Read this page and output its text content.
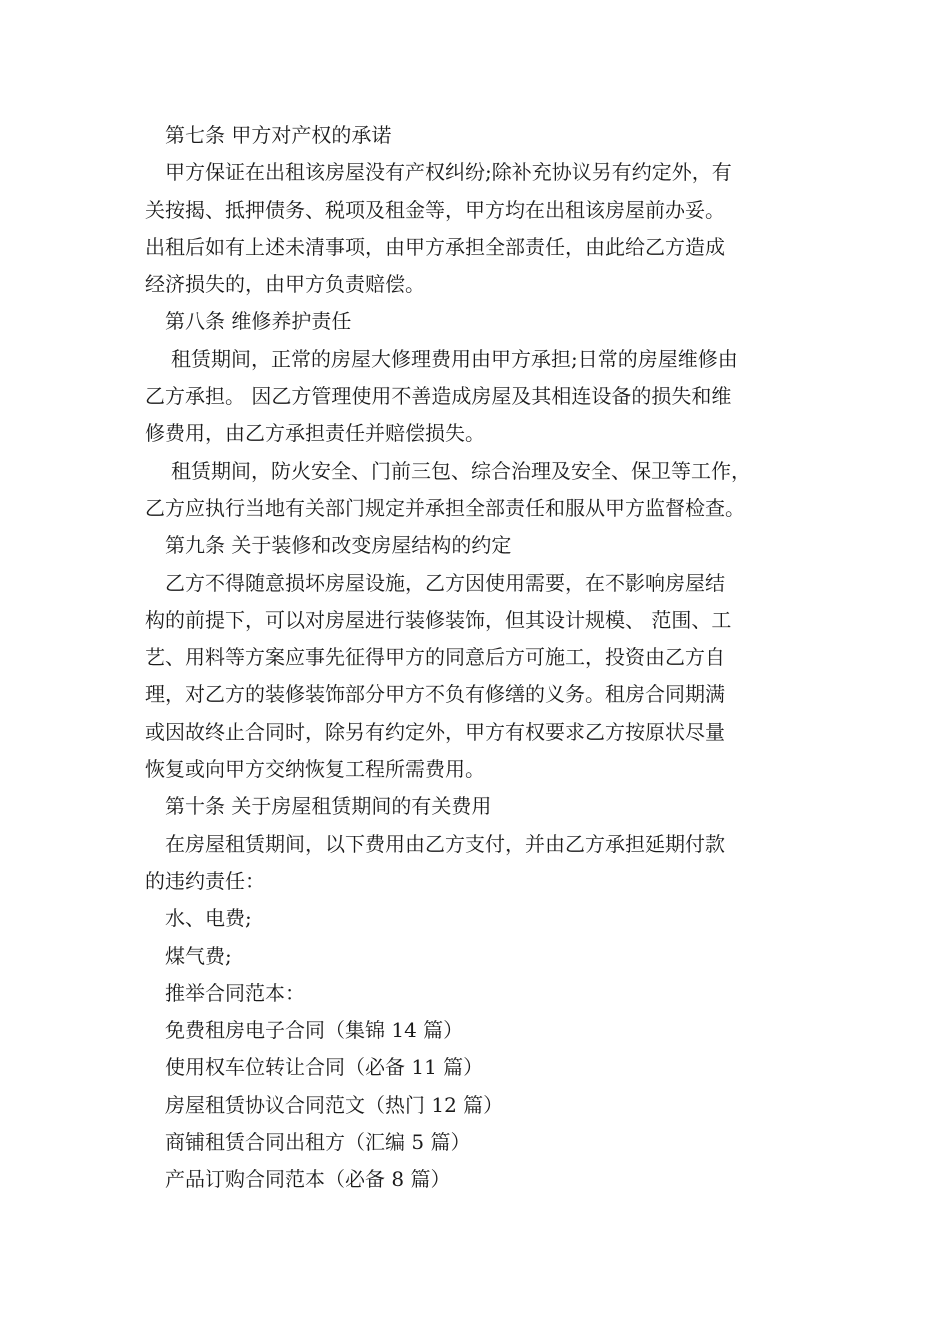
第七条 甲方对产权的承诺
甲方保证在出租该房屋没有产权纠纷;除补充协议另有约定外，有
关按揭、抵押债务、税项及租金等，甲方均在出租该房屋前办妥。
出租后如有上述未清事项，由甲方承担全部责任，由此给乙方造成
经济损失的，由甲方负责赔偿。
第八条 维修养护责任
租赁期间，正常的房屋大修理费用由甲方承担;日常的房屋维修由
乙方承担。 因乙方管理使用不善造成房屋及其相连设备的损失和维
修费用，由乙方承担责任并赔偿损失。
租赁期间，防火安全、门前三包、综合治理及安全、保卫等工作，
乙方应执行当地有关部门规定并承担全部责任和服从甲方监督检查。
第九条 关于装修和改变房屋结构的约定
乙方不得随意损坏房屋设施，乙方因使用需要，在不影响房屋结
构的前提下，可以对房屋进行装修装饰，但其设计规模、 范围、工
艺、用料等方案应事先征得甲方的同意后方可施工，投资由乙方自
理，对乙方的装修装饰部分甲方不负有修缮的义务。租房合同期满
或因故终止合同时，除另有约定外，甲方有权要求乙方按原状尽量
恢复或向甲方交纳恢复工程所需费用。
第十条 关于房屋租赁期间的有关费用
在房屋租赁期间，以下费用由乙方支付，并由乙方承担延期付款
的违约责任：
水、电费;
煤气费;
推举合同范本：
免费租房电子合同（集锦 14 篇）
使用权车位转让合同（必备 11 篇）
房屋租赁协议合同范文（热门 12 篇）
商铺租赁合同出租方（汇编 5 篇）
产品订购合同范本（必备 8 篇）
